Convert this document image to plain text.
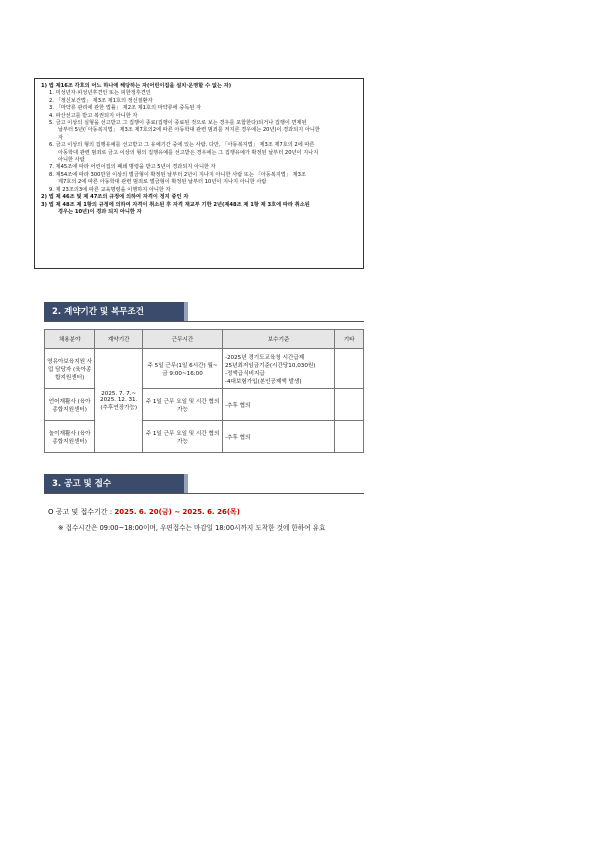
1) 법 제16조 각호의 어느 하나에 해당하는 자(어린이집을 설치·운영할 수 없는 자)
1. 미성년자·피성년후견인 또는 피한정후견인
2. 「정신보건법」 제3조 제1호의 정신질환자
3. 「마약류 관리에 관한 법률」 제2조 제1호의 마약류에 중독된 자
4. 파산선고를 받고 복권되지 아니한 자
5. 금고 이상의 실형을 선고받고 그 집행이 종료(집행이 종료된 것으로 보는 경우를 포함한다)되거나 집행이 면제된
날부터 5년(「아동복지법」 제3조 제7호의2에 따른 아동학대 관련 범죄를 저지른 경우에는 20년)이 경과되지 아니한
자
6. 금고 이상의 형의 집행유예를 선고받고 그 유예기간 중에 있는 사람. 다만, 「아동복지법」 제3조 제7호의 2에 따른
아동학대 관련 범죄로 금고 이상의 형의 집행유예를 선고받은 경우에는 그 집행유예가 확정된 날부터 20년이 지나지
아니한 사람
7. 제45조에 따라 어린이집의 폐쇄 명령을 받고 5년이 경과되지 아니한 자
8. 제54조에 따라 300만원 이상의 벌금형이 확정된 날부터 2년이 지나지 아니한 사람 또는 「아동복지법」 제3조
제7호의 2에 따른 아동학대 관련 범죄로 벌금형이 확정된 날부터 10년이 지나지 아니한 사람
9. 제 23조의3에 따른 교육명령을 이행하지 아니한 자
2) 법 제 46조 및 제 47조의 규정에 의하여 자격이 정지 중인 자
3) 법 제 48조 제 1항의 규정에 의하여 자격이 취소된 후 자격 재교부 기한 2년(제48조 제 1항 제 3호에 따라 취소된
경우는 10년)이 경과 되지 아니한 자
2. 계약기간 및 복무조건
채용분야	계약기간	근무시간	보수기준	기타
영유아보육지원 사업 담당자 (육아종합지원센터)	2025. 7. 7.~ 2025. 12. 31. (추후연장가능)	주 5일 근무(1일 6시간) 월~금 9:00~16:00	-2025년 경기도교육청 시간급제
25년최저임금기준(시간당10,030원)
-정액급식비지급
-4대보험가입(본인공제액 발생)	

언어재활사 (육아종합지원센터)		주 1일 근무 요일 및 시간 협의 가능	-추후 협의	
놀이재활사 (육아종합지원센터)		주 1일 근무 요일 및 시간 협의 가능	-추후 협의	
3. 공고 및 접수
O 공고 및 접수기간 : 2025. 6. 20(금) ~ 2025. 6. 26(목)
※ 접수시간은 09:00~18:00이며, 우편접수는 마감일 18:00시까지 도착한 것에 한하여 유효
